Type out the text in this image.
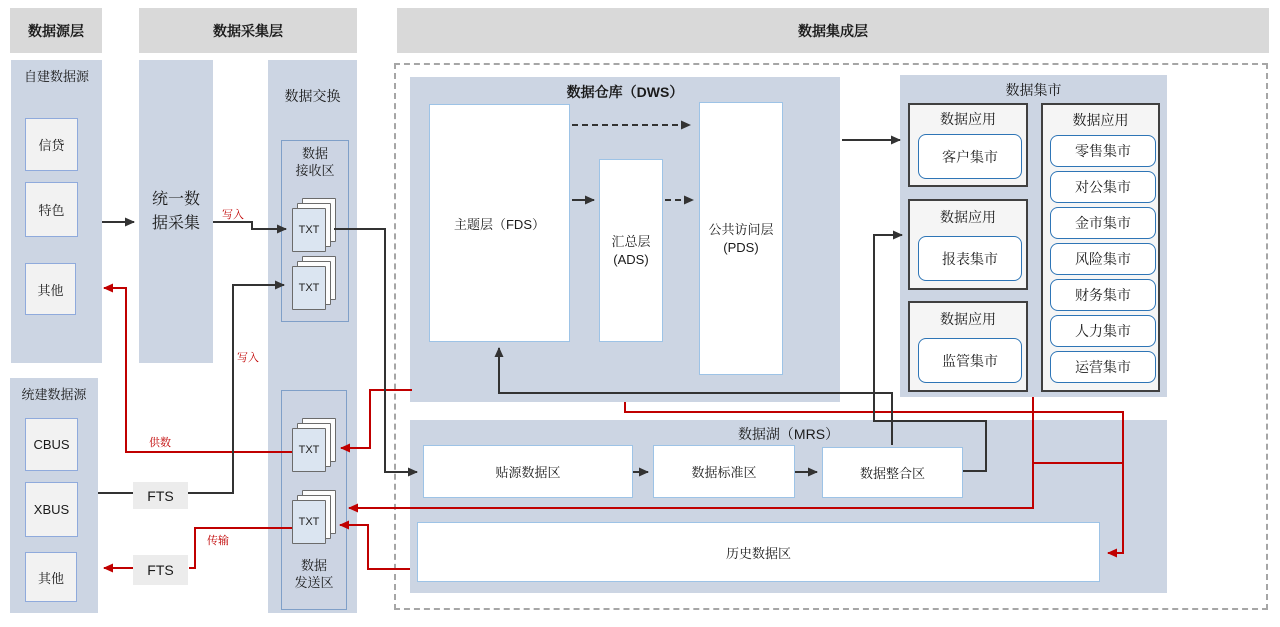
数据源层	数据采集层	数据集成层
自建数据源
信贷
特色
其他
统建数据源
CBUS
XBUS
其他
统一数
据采集
FTS
FTS
数据交换
数据
接收区
数据
发送区
TXT
TXT
TXT
TXT
数据仓库（DWS）
主题层（FDS）
汇总层
(ADS)
公共访问层
(PDS)
数据集市
数据应用
客户集市
数据应用
报表集市
数据应用
监管集市
数据应用
零售集市
对公集市
金市集市
风险集市
财务集市
人力集市
运营集市
数据湖（MRS）
贴源数据区	数据标准区	数据整合区
历史数据区
写入
写入
供数
传输
